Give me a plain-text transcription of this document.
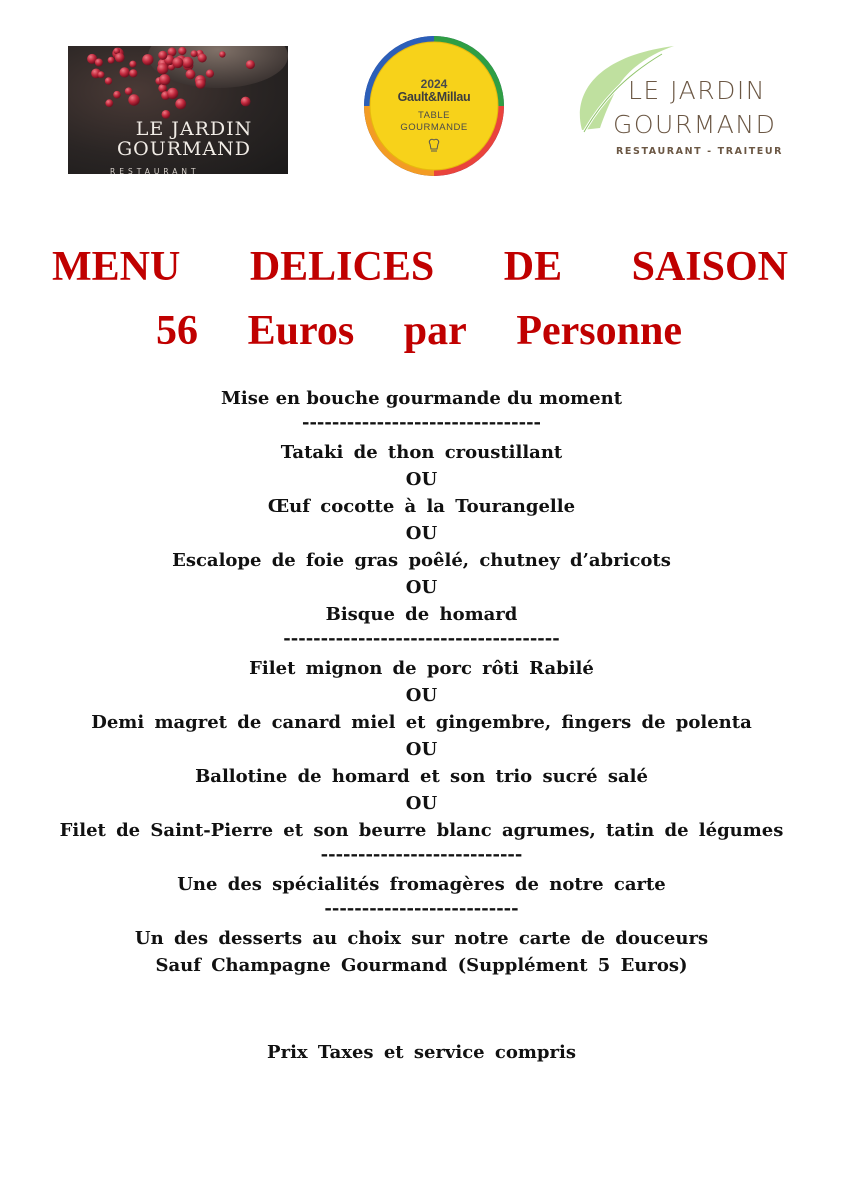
LE JARDIN
GOURMAND
RESTAURANT
2024
Gault&Millau
TABLE
GOURMANDE
LE JARDIN
GOURMAND
RESTAURANT - TRAITEUR
MENU DELICES DE SAISON
56 Euros par Personne
Mise en bouche gourmande du moment
--------------------------------
Tataki de thon croustillant
OU
Œuf cocotte à la Tourangelle
OU
Escalope de foie gras poêlé, chutney d’abricots
OU
Bisque de homard
-------------------------------------
Filet mignon de porc rôti Rabilé
OU
Demi magret de canard miel et gingembre, fingers de polenta
OU
Ballotine de homard et son trio sucré salé
OU
Filet de Saint-Pierre et son beurre blanc agrumes, tatin de légumes
---------------------------
Une des spécialités fromagères de notre carte
--------------------------
Un des desserts au choix sur notre carte de douceurs
Sauf Champagne Gourmand (Supplément 5 Euros)
Prix Taxes et service compris
